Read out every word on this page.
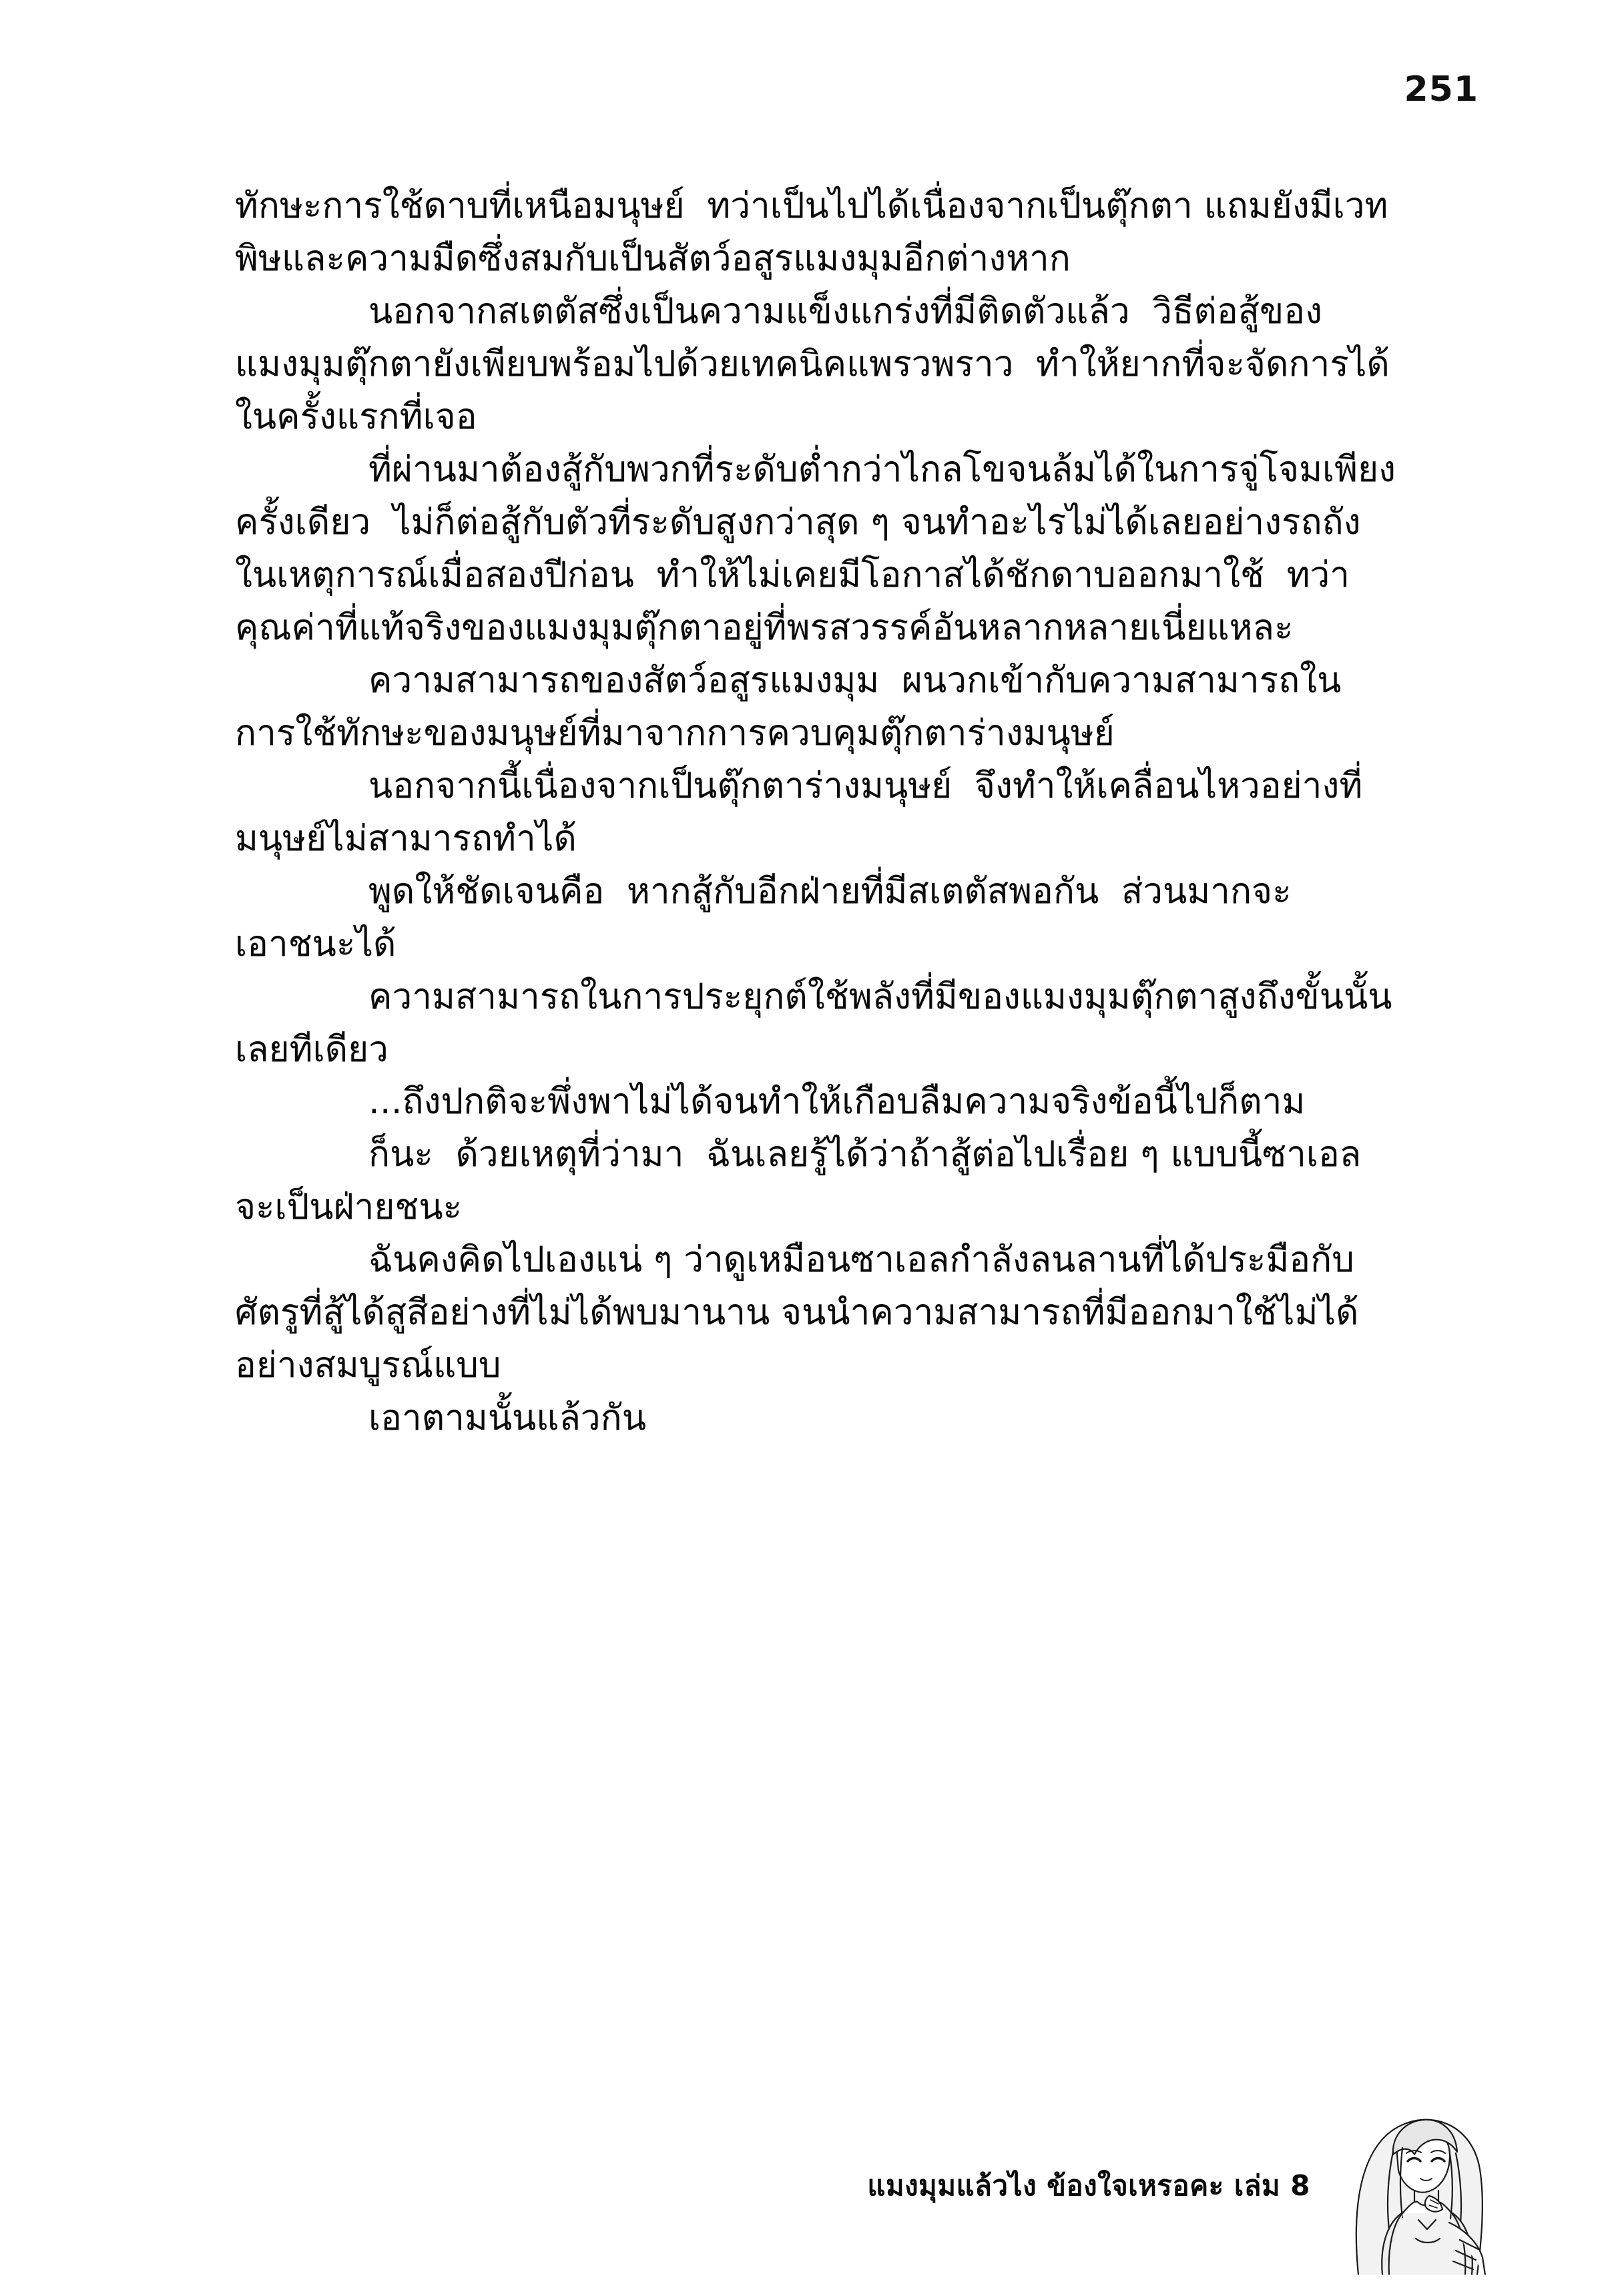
251

ทักษะการใช้ดาบที่เหนือมนุษย์  ทว่าเป็นไปได้เนื่องจากเป็นตุ๊กตา แถมยังมีเวทพิษและความมืดซึ่งสมกับเป็นสัตว์อสูรแมงมุมอีกต่างหาก

นอกจากสเตตัสซึ่งเป็นความแข็งแกร่งที่มีติดตัวแล้ว  วิธีต่อสู้ของแมงมุมตุ๊กตายังเพียบพร้อมไปด้วยเทคนิคแพรวพราว  ทำให้ยากที่จะจัดการได้ในครั้งแรกที่เจอ

ที่ผ่านมาต้องสู้กับพวกที่ระดับต่ำกว่าไกลโขจนล้มได้ในการจู่โจมเพียงครั้งเดียว  ไม่ก็ต่อสู้กับตัวที่ระดับสูงกว่าสุด ๆ จนทำอะไรไม่ได้เลยอย่างรถถังในเหตุการณ์เมื่อสองปีก่อน  ทำให้ไม่เคยมีโอกาสได้ชักดาบออกมาใช้  ทว่าคุณค่าที่แท้จริงของแมงมุมตุ๊กตาอยู่ที่พรสวรรค์อันหลากหลายเนี่ยแหละ

ความสามารถของสัตว์อสูรแมงมุม  ผนวกเข้ากับความสามารถในการใช้ทักษะของมนุษย์ที่มาจากการควบคุมตุ๊กตาร่างมนุษย์

นอกจากนี้เนื่องจากเป็นตุ๊กตาร่างมนุษย์  จึงทำให้เคลื่อนไหวอย่างที่มนุษย์ไม่สามารถทำได้

พูดให้ชัดเจนคือ  หากสู้กับอีกฝ่ายที่มีสเตตัสพอกัน  ส่วนมากจะเอาชนะได้

ความสามารถในการประยุกต์ใช้พลังที่มีของแมงมุมตุ๊กตาสูงถึงขั้นนั้นเลยทีเดียว

...ถึงปกติจะพึ่งพาไม่ได้จนทำให้เกือบลืมความจริงข้อนี้ไปก็ตาม

ก็นะ  ด้วยเหตุที่ว่ามา  ฉันเลยรู้ได้ว่าถ้าสู้ต่อไปเรื่อย ๆ แบบนี้ซาเอลจะเป็นฝ่ายชนะ

ฉันคงคิดไปเองแน่ ๆ ว่าดูเหมือนซาเอลกำลังลนลานที่ได้ประมือกับศัตรูที่สู้ได้สูสีอย่างที่ไม่ได้พบมานาน จนนำความสามารถที่มีออกมาใช้ไม่ได้อย่างสมบูรณ์แบบ

เอาตามนั้นแล้วกัน

แมงมุมแล้วไง ข้องใจเหรอคะ เล่ม 8
